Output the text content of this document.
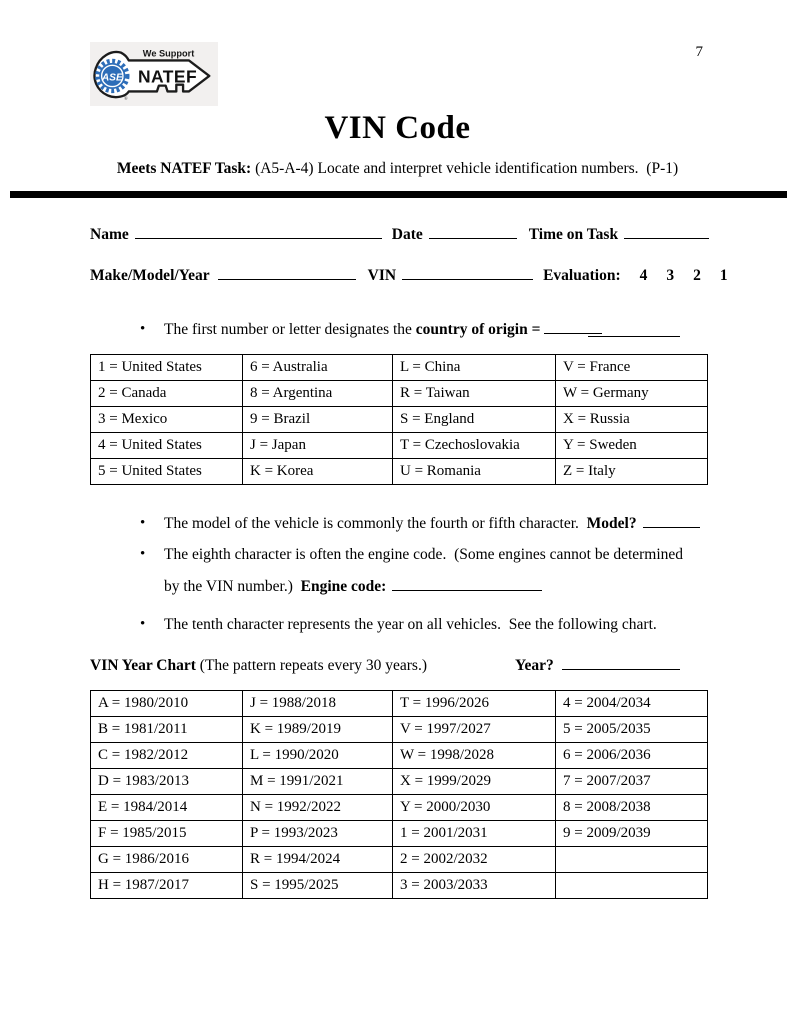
ASE
We Support
NATEF
®
7
VIN Code
Meets NATEF Task: (A5-A-4) Locate and interpret vehicle identification numbers.  (P-1)
Name	Date	Time on Task
Make/Model/Year	VIN	Evaluation: 4 3 2 1
•	The first number or letter designates the country of origin =
1 = United States	6 = Australia	L = China	V = France
2 = Canada	8 = Argentina	R = Taiwan	W = Germany
3 = Mexico	9 = Brazil	S = England	X = Russia
4 = United States	J = Japan	T = Czechoslovakia	Y = Sweden
5 = United States	K = Korea	U = Romania	Z = Italy
•	The model of the vehicle is commonly the fourth or fifth character.  Model?
•	The eighth character is often the engine code.  (Some engines cannot be determined
by the VIN number.)  Engine code:
•	The tenth character represents the year on all vehicles.  See the following chart.
VIN Year Chart (The pattern repeats every 30 years.)	Year?
A = 1980/2010	J = 1988/2018	T = 1996/2026	4 = 2004/2034
B = 1981/2011	K = 1989/2019	V = 1997/2027	5 = 2005/2035
C = 1982/2012	L = 1990/2020	W = 1998/2028	6 = 2006/2036
D = 1983/2013	M = 1991/2021	X = 1999/2029	7 = 2007/2037
E = 1984/2014	N = 1992/2022	Y = 2000/2030	8 = 2008/2038
F = 1985/2015	P = 1993/2023	1 = 2001/2031	9 = 2009/2039
G = 1986/2016	R = 1994/2024	2 = 2002/2032	
H = 1987/2017	S = 1995/2025	3 = 2003/2033	
